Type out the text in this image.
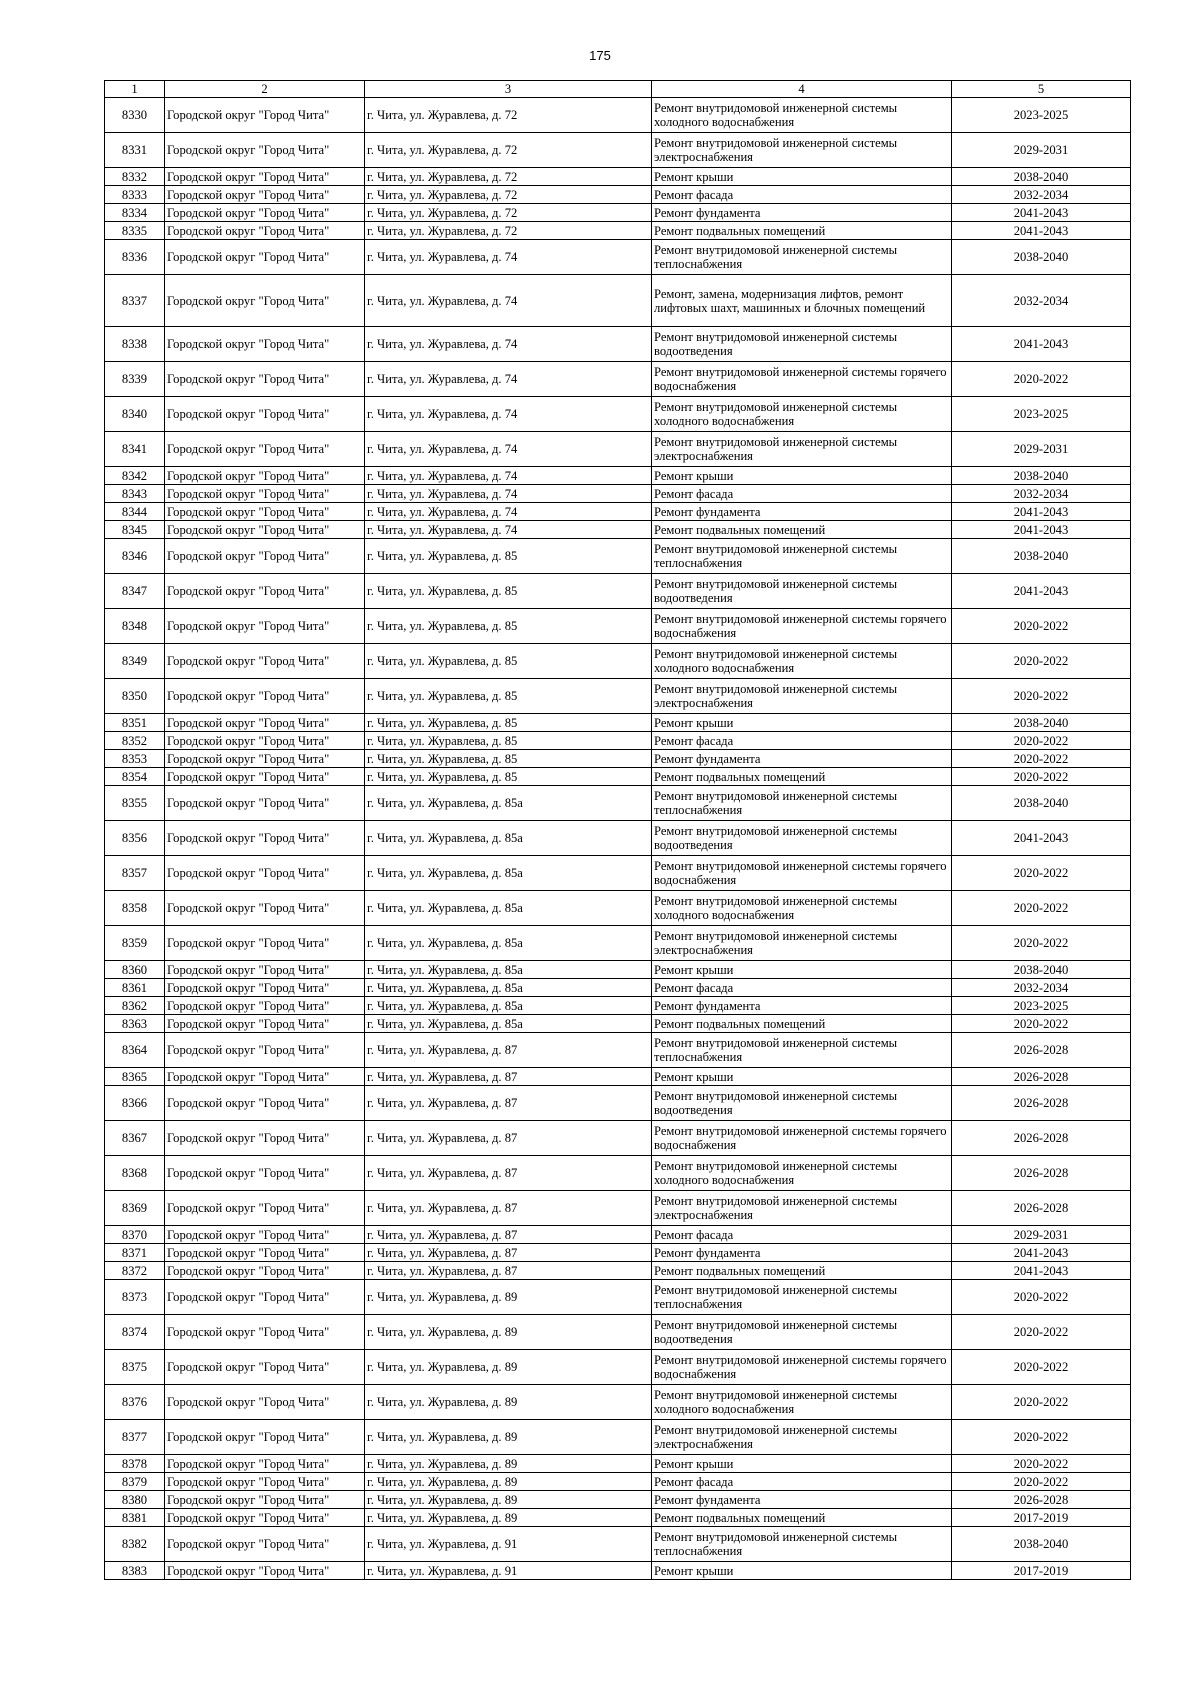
175
1	2	3	4	5
8330	Городской округ "Город Чита"	г. Чита, ул. Журавлева, д. 72	Ремонт внутридомовой инженерной системы холодного водоснабжения	2023-2025
8331	Городской округ "Город Чита"	г. Чита, ул. Журавлева, д. 72	Ремонт внутридомовой инженерной системы электроснабжения	2029-2031
8332	Городской округ "Город Чита"	г. Чита, ул. Журавлева, д. 72	Ремонт крыши	2038-2040
8333	Городской округ "Город Чита"	г. Чита, ул. Журавлева, д. 72	Ремонт фасада	2032-2034
8334	Городской округ "Город Чита"	г. Чита, ул. Журавлева, д. 72	Ремонт фундамента	2041-2043
8335	Городской округ "Город Чита"	г. Чита, ул. Журавлева, д. 72	Ремонт подвальных помещений	2041-2043
8336	Городской округ "Город Чита"	г. Чита, ул. Журавлева, д. 74	Ремонт внутридомовой инженерной системы теплоснабжения	2038-2040
8337	Городской округ "Город Чита"	г. Чита, ул. Журавлева, д. 74	Ремонт, замена, модернизация лифтов, ремонт лифтовых шахт, машинных и блочных помещений	2032-2034
8338	Городской округ "Город Чита"	г. Чита, ул. Журавлева, д. 74	Ремонт внутридомовой инженерной системы водоотведения	2041-2043
8339	Городской округ "Город Чита"	г. Чита, ул. Журавлева, д. 74	Ремонт внутридомовой инженерной системы горячего водоснабжения	2020-2022
8340	Городской округ "Город Чита"	г. Чита, ул. Журавлева, д. 74	Ремонт внутридомовой инженерной системы холодного водоснабжения	2023-2025
8341	Городской округ "Город Чита"	г. Чита, ул. Журавлева, д. 74	Ремонт внутридомовой инженерной системы электроснабжения	2029-2031
8342	Городской округ "Город Чита"	г. Чита, ул. Журавлева, д. 74	Ремонт крыши	2038-2040
8343	Городской округ "Город Чита"	г. Чита, ул. Журавлева, д. 74	Ремонт фасада	2032-2034
8344	Городской округ "Город Чита"	г. Чита, ул. Журавлева, д. 74	Ремонт фундамента	2041-2043
8345	Городской округ "Город Чита"	г. Чита, ул. Журавлева, д. 74	Ремонт подвальных помещений	2041-2043
8346	Городской округ "Город Чита"	г. Чита, ул. Журавлева, д. 85	Ремонт внутридомовой инженерной системы теплоснабжения	2038-2040
8347	Городской округ "Город Чита"	г. Чита, ул. Журавлева, д. 85	Ремонт внутридомовой инженерной системы водоотведения	2041-2043
8348	Городской округ "Город Чита"	г. Чита, ул. Журавлева, д. 85	Ремонт внутридомовой инженерной системы горячего водоснабжения	2020-2022
8349	Городской округ "Город Чита"	г. Чита, ул. Журавлева, д. 85	Ремонт внутридомовой инженерной системы холодного водоснабжения	2020-2022
8350	Городской округ "Город Чита"	г. Чита, ул. Журавлева, д. 85	Ремонт внутридомовой инженерной системы электроснабжения	2020-2022
8351	Городской округ "Город Чита"	г. Чита, ул. Журавлева, д. 85	Ремонт крыши	2038-2040
8352	Городской округ "Город Чита"	г. Чита, ул. Журавлева, д. 85	Ремонт фасада	2020-2022
8353	Городской округ "Город Чита"	г. Чита, ул. Журавлева, д. 85	Ремонт фундамента	2020-2022
8354	Городской округ "Город Чита"	г. Чита, ул. Журавлева, д. 85	Ремонт подвальных помещений	2020-2022
8355	Городской округ "Город Чита"	г. Чита, ул. Журавлева, д. 85а	Ремонт внутридомовой инженерной системы теплоснабжения	2038-2040
8356	Городской округ "Город Чита"	г. Чита, ул. Журавлева, д. 85а	Ремонт внутридомовой инженерной системы водоотведения	2041-2043
8357	Городской округ "Город Чита"	г. Чита, ул. Журавлева, д. 85а	Ремонт внутридомовой инженерной системы горячего водоснабжения	2020-2022
8358	Городской округ "Город Чита"	г. Чита, ул. Журавлева, д. 85а	Ремонт внутридомовой инженерной системы холодного водоснабжения	2020-2022
8359	Городской округ "Город Чита"	г. Чита, ул. Журавлева, д. 85а	Ремонт внутридомовой инженерной системы электроснабжения	2020-2022
8360	Городской округ "Город Чита"	г. Чита, ул. Журавлева, д. 85а	Ремонт крыши	2038-2040
8361	Городской округ "Город Чита"	г. Чита, ул. Журавлева, д. 85а	Ремонт фасада	2032-2034
8362	Городской округ "Город Чита"	г. Чита, ул. Журавлева, д. 85а	Ремонт фундамента	2023-2025
8363	Городской округ "Город Чита"	г. Чита, ул. Журавлева, д. 85а	Ремонт подвальных помещений	2020-2022
8364	Городской округ "Город Чита"	г. Чита, ул. Журавлева, д. 87	Ремонт внутридомовой инженерной системы теплоснабжения	2026-2028
8365	Городской округ "Город Чита"	г. Чита, ул. Журавлева, д. 87	Ремонт крыши	2026-2028
8366	Городской округ "Город Чита"	г. Чита, ул. Журавлева, д. 87	Ремонт внутридомовой инженерной системы водоотведения	2026-2028
8367	Городской округ "Город Чита"	г. Чита, ул. Журавлева, д. 87	Ремонт внутридомовой инженерной системы горячего водоснабжения	2026-2028
8368	Городской округ "Город Чита"	г. Чита, ул. Журавлева, д. 87	Ремонт внутридомовой инженерной системы холодного водоснабжения	2026-2028
8369	Городской округ "Город Чита"	г. Чита, ул. Журавлева, д. 87	Ремонт внутридомовой инженерной системы электроснабжения	2026-2028
8370	Городской округ "Город Чита"	г. Чита, ул. Журавлева, д. 87	Ремонт фасада	2029-2031
8371	Городской округ "Город Чита"	г. Чита, ул. Журавлева, д. 87	Ремонт фундамента	2041-2043
8372	Городской округ "Город Чита"	г. Чита, ул. Журавлева, д. 87	Ремонт подвальных помещений	2041-2043
8373	Городской округ "Город Чита"	г. Чита, ул. Журавлева, д. 89	Ремонт внутридомовой инженерной системы теплоснабжения	2020-2022
8374	Городской округ "Город Чита"	г. Чита, ул. Журавлева, д. 89	Ремонт внутридомовой инженерной системы водоотведения	2020-2022
8375	Городской округ "Город Чита"	г. Чита, ул. Журавлева, д. 89	Ремонт внутридомовой инженерной системы горячего водоснабжения	2020-2022
8376	Городской округ "Город Чита"	г. Чита, ул. Журавлева, д. 89	Ремонт внутридомовой инженерной системы холодного водоснабжения	2020-2022
8377	Городской округ "Город Чита"	г. Чита, ул. Журавлева, д. 89	Ремонт внутридомовой инженерной системы электроснабжения	2020-2022
8378	Городской округ "Город Чита"	г. Чита, ул. Журавлева, д. 89	Ремонт крыши	2020-2022
8379	Городской округ "Город Чита"	г. Чита, ул. Журавлева, д. 89	Ремонт фасада	2020-2022
8380	Городской округ "Город Чита"	г. Чита, ул. Журавлева, д. 89	Ремонт фундамента	2026-2028
8381	Городской округ "Город Чита"	г. Чита, ул. Журавлева, д. 89	Ремонт подвальных помещений	2017-2019
8382	Городской округ "Город Чита"	г. Чита, ул. Журавлева, д. 91	Ремонт внутридомовой инженерной системы теплоснабжения	2038-2040
8383	Городской округ "Город Чита"	г. Чита, ул. Журавлева, д. 91	Ремонт крыши	2017-2019
